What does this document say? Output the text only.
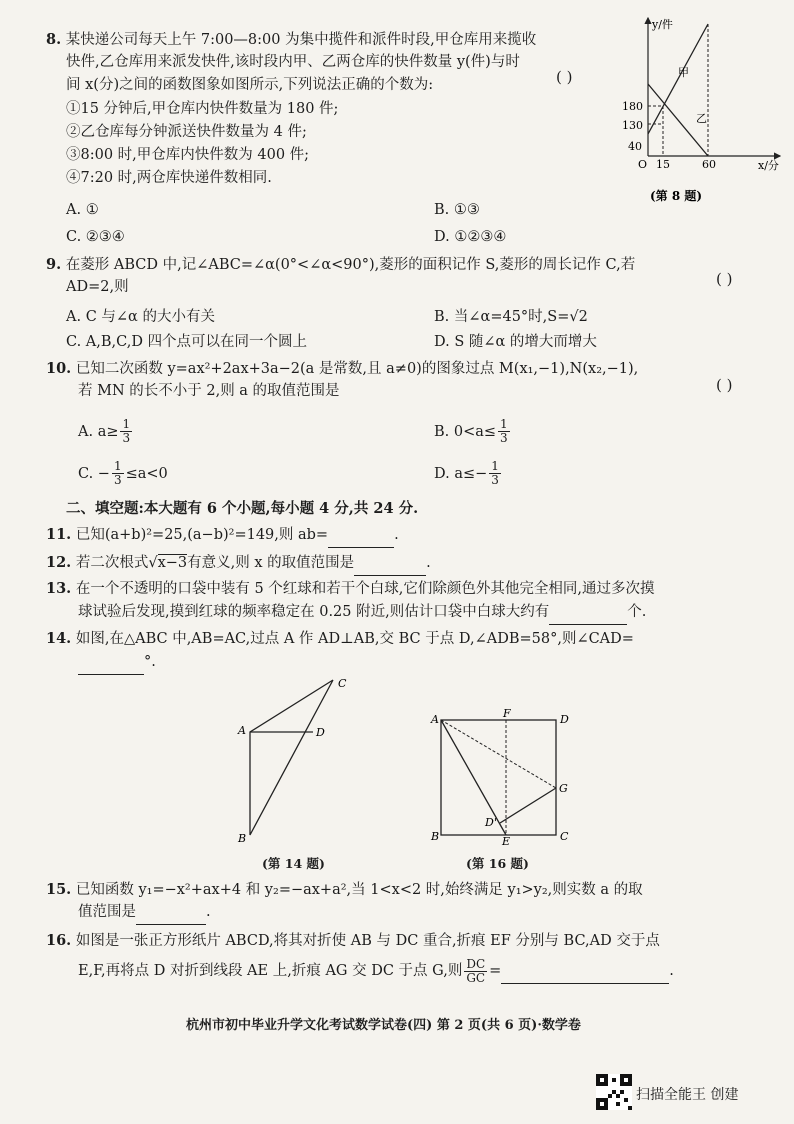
8. 某快递公司每天上午 7:00—8:00 为集中揽件和派件时段,甲仓库用来揽收
快件,乙仓库用来派发快件,该时段内甲、乙两仓库的快件数量 y(件)与时
间 x(分)之间的函数图象如图所示,下列说法正确的个数为:	( )
①15 分钟后,甲仓库内快件数量为 180 件;
②乙仓库每分钟派送快件数量为 4 件;
③8:00 时,甲仓库内快件数为 400 件;
④7:20 时,两仓库快递件数相同.
A. ①	B. ①③
C. ②③④	D. ①②③④
y/件
x/分
O
180
130
40
15	60
甲
乙
(第 8 题)
9. 在菱形 ABCD 中,记∠ABC=∠α(0°<∠α<90°),菱形的面积记作 S,菱形的周长记作 C,若
AD=2,则	( )
A. C 与∠α 的大小有关	B. 当∠α=45°时,S=√2
C. A,B,C,D 四个点可以在同一个圆上	D. S 随∠α 的增大而增大
10. 已知二次函数 y=ax²+2ax+3a−2(a 是常数,且 a≠0)的图象过点 M(x₁,−1),N(x₂,−1),
若 MN 的长不小于 2,则 a 的取值范围是	( )
A. $a\ge \frac{1}{3}$	B. $0<a\le \frac{1}{3}$
C. − $\frac{1}{3} \le a<0$	D. $a\le- \frac{1}{3}$
二、填空题:本大题有 6 个小题,每小题 4 分,共 24 分.
11. 已知(a+b)²=25,(a−b)²=149,则 ab=	.
12. 若二次根式√x−3有意义,则 x 的取值范围是	.
13. 在一个不透明的口袋中装有 5 个红球和若干个白球,它们除颜色外其他完全相同,通过多次摸
球试验后发现,摸到红球的频率稳定在 0.25 附近,则估计口袋中白球大约有	个.
14. 如图,在△ABC 中,AB=AC,过点 A 作 AD⊥AB,交 BC 于点 D,∠ADB=58°,则∠CAD=
°.
C
A	D
B
(第 14 题)
A	F	D
G
D'
B	E	C
(第 16 题)
15. 已知函数 y₁=−x²+ax+4 和 y₂=−ax+a²,当 1<x<2 时,始终满足 y₁>y₂,则实数 a 的取
值范围是	.
16. 如图是一张正方形纸片 ABCD,将其对折使 AB 与 DC 重合,折痕 EF 分别与 BC,AD 交于点
E,F,再将点 D 对折到线段 AE 上,折痕 AG 交 DC 于点 G,则 $\frac{DC}{GC}$ =
	.
杭州市初中毕业升学文化考试数学试卷(四) 第 2 页(共 6 页)·数学卷
扫描全能王 创建
